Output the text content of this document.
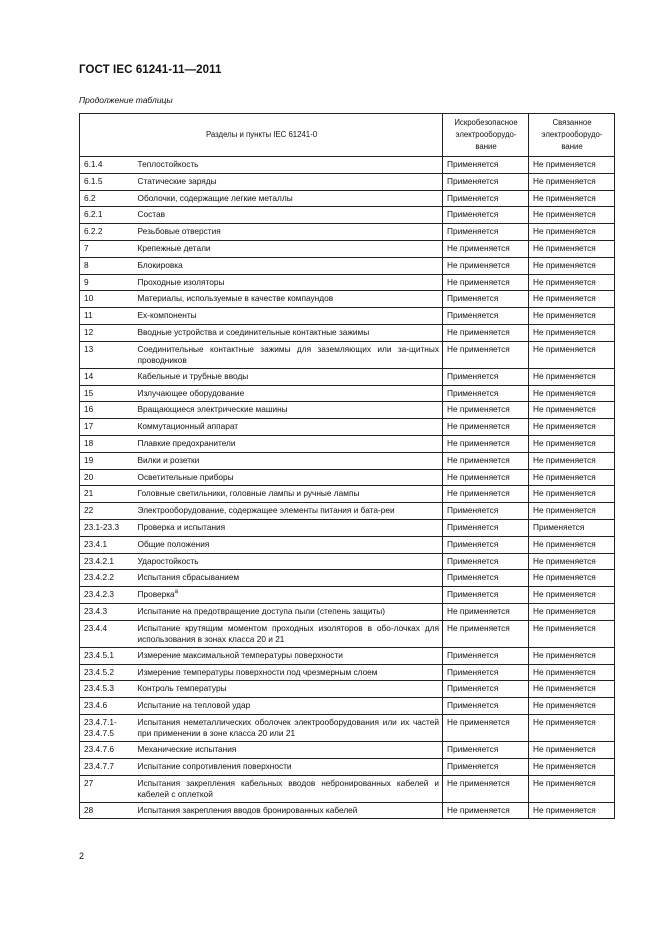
ГОСТ IEC 61241-11—2011
Продолжение таблицы
Разделы и пункты IEC 61241-0		Искробезопасное электрооборудо-вание	Связанное электрооборудо-вание
6.1.4	Теплостойкость	Применяется	Не применяется
6.1.5	Статические заряды	Применяется	Не применяется
6.2	Оболочки, содержащие легкие металлы	Применяется	Не применяется
6.2.1	Состав	Применяется	Не применяется
6.2.2	Резьбовые отверстия	Применяется	Не применяется
7	Крепежные детали	Не применяется	Не применяется
8	Блокировка	Не применяется	Не применяется
9	Проходные изоляторы	Не применяется	Не применяется
10	Материалы, используемые в качестве компаундов	Применяется	Не применяется
11	Ex-компоненты	Применяется	Не применяется
12	Вводные устройства и соединительные контактные зажимы	Не применяется	Не применяется
13	Соединительные контактные зажимы для заземляющих или за-щитных проводников	Не применяется	Не применяется
14	Кабельные и трубные вводы	Применяется	Не применяется
15	Излучающее оборудование	Применяется	Не применяется
16	Вращающиеся электрические машины	Не применяется	Не применяется
17	Коммутационный аппарат	Не применяется	Не применяется
18	Плавкие предохранители	Не применяется	Не применяется
19	Вилки и розетки	Не применяется	Не применяется
20	Осветительные приборы	Не применяется	Не применяется
21	Головные светильники, головные лампы и ручные лампы	Не применяется	Не применяется
22	Электрооборудование, содержащее элементы питания и бата-реи	Применяется	Не применяется
23.1-23.3	Проверка и испытания	Применяется	Применяется
23.4.1	Общие положения	Применяется	Не применяется
23.4.2.1	Ударостойкость	Применяется	Не применяется
23.4.2.2	Испытания сбрасыванием	Применяется	Не применяется
23.4.2.3	Проверка$^a$	Применяется	Не применяется
23.4.3	Испытание на предотвращение доступа пыли (степень защиты)	Не применяется	Не применяется
23.4.4	Испытание крутящим моментом проходных изоляторов в обо-лочках для использования в зонах класса 20 и 21	Не применяется	Не применяется
23.4.5.1	Измерение максимальной температуры поверхности	Применяется	Не применяется
23.4.5.2	Измерение температуры поверхности под чрезмерным слоем	Применяется	Не применяется
23.4.5.3	Контроль температуры	Применяется	Не применяется
23.4.6	Испытание на тепловой удар	Применяется	Не применяется
23.4.7.1-
23.4.7.5	Испытания неметаллических оболочек электрооборудования или их частей при применении в зоне класса 20 или 21	Не применяется	Не применяется
23.4.7.6	Механические испытания	Применяется	Не применяется
23.4.7.7	Испытание сопротивления поверхности	Применяется	Не применяется
27	Испытания закрепления кабельных вводов небронированных кабелей и кабелей с оплеткой	Не применяется	Не применяется
28	Испытания закрепления вводов бронированных кабелей	Не применяется	Не применяется
2
